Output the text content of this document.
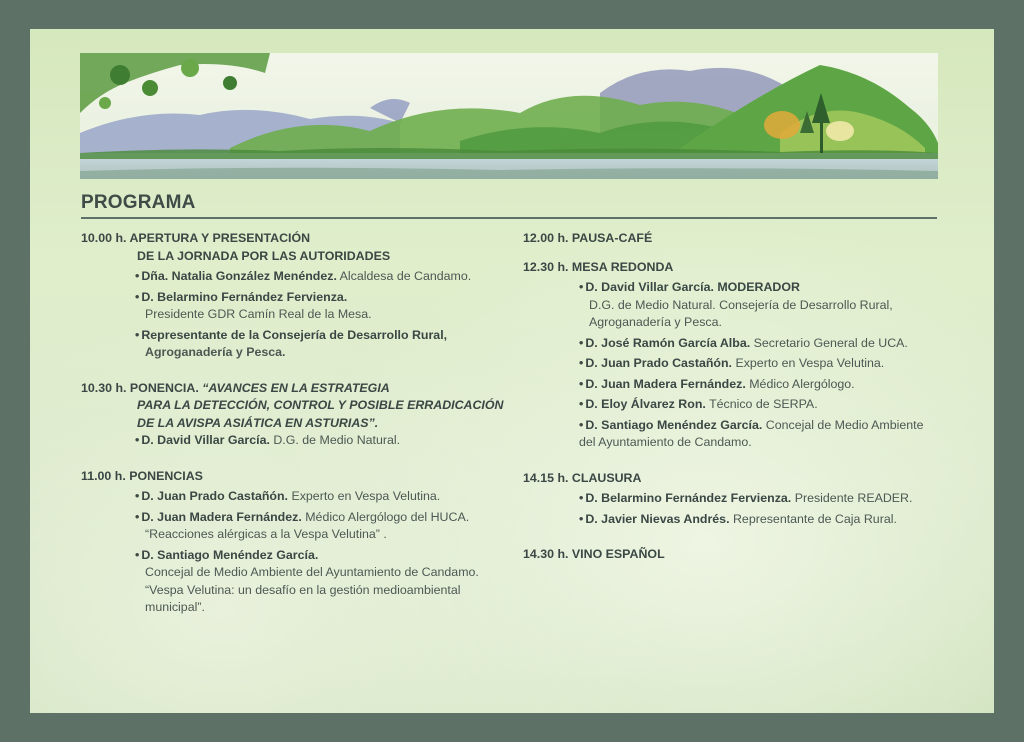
PROGRAMA
10.00 h. APERTURA Y PRESENTACIÓN
DE LA JORNADA POR LAS AUTORIDADES
• Dña. Natalia González Menéndez. Alcaldesa de Candamo.
• D. Belarmino Fernández Fervienza.
Presidente GDR Camín Real de la Mesa.
• Representante de la Consejería de Desarrollo Rural,
Agroganadería y Pesca.
10.30 h. PONENCIA. “AVANCES EN LA ESTRATEGIA
PARA LA DETECCIÓN, CONTROL Y POSIBLE ERRADICACIÓN
DE LA AVISPA ASIÁTICA EN ASTURIAS”.
• D. David Villar García. D.G. de Medio Natural.
11.00 h. PONENCIAS
• D. Juan Prado Castañón. Experto en Vespa Velutina.
• D. Juan Madera Fernández. Médico Alergólogo del HUCA.
“Reacciones alérgicas a la Vespa Velutina” .
• D. Santiago Menéndez García.
Concejal de Medio Ambiente del Ayuntamiento de Candamo.
“Vespa Velutina: un desafío en la gestión medioambiental municipal”.
12.00 h. PAUSA-CAFÉ
12.30 h. MESA REDONDA
• D. David Villar García. MODERADOR
D.G. de Medio Natural. Consejería de Desarrollo Rural,
Agroganadería y Pesca.
• D. José Ramón García Alba. Secretario General de UCA.
• D. Juan Prado Castañón. Experto en Vespa Velutina.
• D. Juan Madera Fernández. Médico Alergólogo.
• D. Eloy Álvarez Ron. Técnico de SERPA.
• D. Santiago Menéndez García. Concejal de Medio Ambiente
del Ayuntamiento de Candamo.
14.15 h. CLAUSURA
• D. Belarmino Fernández Fervienza. Presidente READER.
• D. Javier Nievas Andrés. Representante de Caja Rural.
14.30 h. VINO ESPAÑOL
